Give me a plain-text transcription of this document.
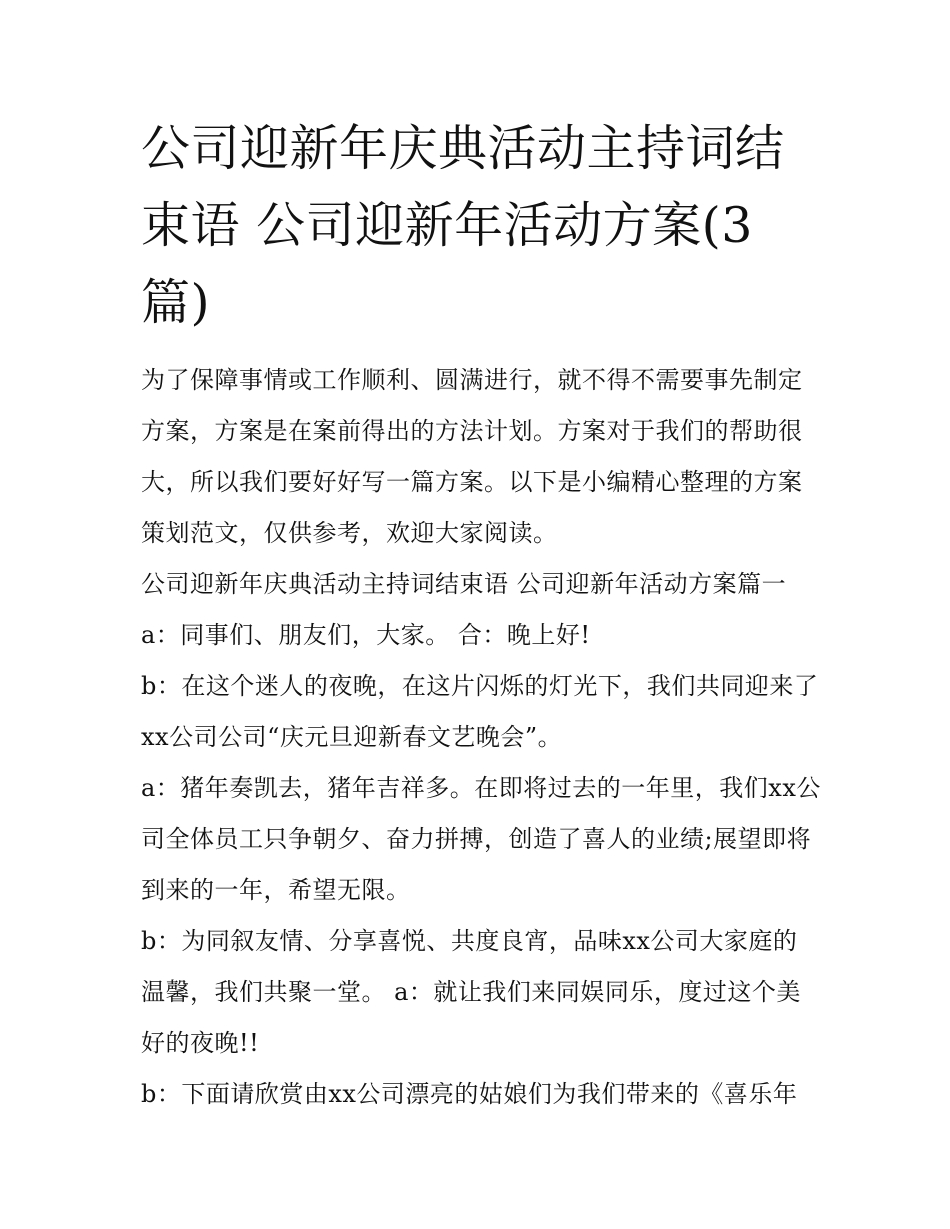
公司迎新年庆典活动主持词结束语 公司迎新年活动方案(3篇)

为了保障事情或工作顺利、圆满进行，就不得不需要事先制定方案，方案是在案前得出的方法计划。方案对于我们的帮助很大，所以我们要好好写一篇方案。以下是小编精心整理的方案策划范文，仅供参考，欢迎大家阅读。

公司迎新年庆典活动主持词结束语 公司迎新年活动方案篇一

a：同事们、朋友们，大家。 合：晚上好!

b：在这个迷人的夜晚，在这片闪烁的灯光下，我们共同迎来了xx公司公司“庆元旦迎新春文艺晚会”。

a：猪年奏凯去，猪年吉祥多。在即将过去的一年里，我们xx公司全体员工只争朝夕、奋力拼搏，创造了喜人的业绩;展望即将到来的一年，希望无限。

b：为同叙友情、分享喜悦、共度良宵，品味xx公司大家庭的温馨，我们共聚一堂。 a：就让我们来同娱同乐，度过这个美好的夜晚!!

b：下面请欣赏由xx公司漂亮的姑娘们为我们带来的《喜乐年
